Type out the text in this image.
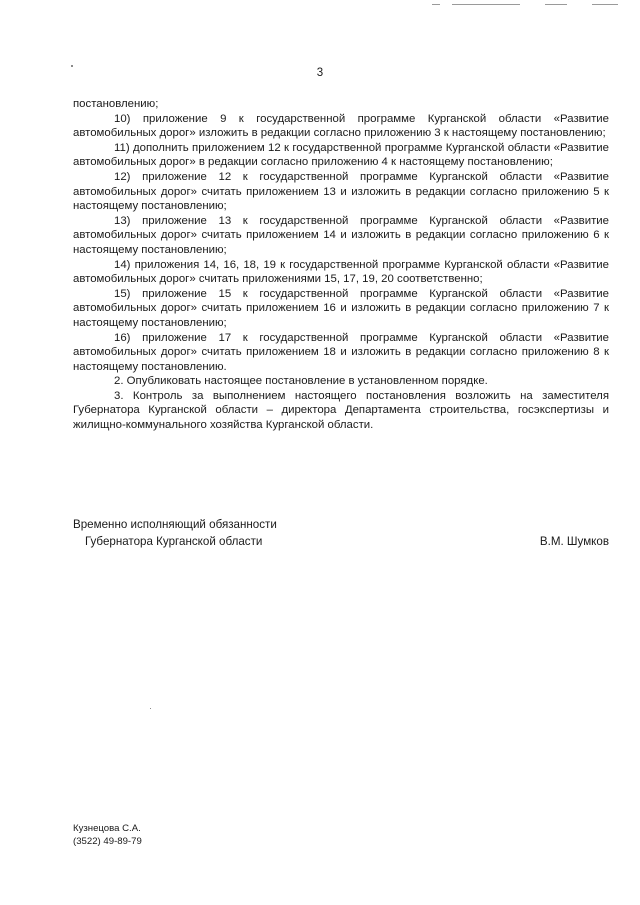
3

постановлению;

10) приложение 9 к государственной программе Курганской области «Развитие автомобильных дорог» изложить в редакции согласно приложению 3 к настоящему постановлению;

11) дополнить приложением 12 к государственной программе Курганской области «Развитие автомобильных дорог» в редакции согласно приложению 4 к настоящему постановлению;

12) приложение 12 к государственной программе Курганской области «Развитие автомобильных дорог» считать приложением 13 и изложить в редакции согласно приложению 5 к настоящему постановлению;

13) приложение 13 к государственной программе Курганской области «Развитие автомобильных дорог» считать приложением 14 и изложить в редакции согласно приложению 6 к настоящему постановлению;

14) приложения 14, 16, 18, 19 к государственной программе Курганской области «Развитие автомобильных дорог» считать приложениями 15, 17, 19, 20 соответственно;

15) приложение 15 к государственной программе Курганской области «Развитие автомобильных дорог» считать приложением 16 и изложить в редакции согласно приложению 7 к настоящему постановлению;

16) приложение 17 к государственной программе Курганской области «Развитие автомобильных дорог» считать приложением 18 и изложить в редакции согласно приложению 8 к настоящему постановлению.

2. Опубликовать настоящее постановление в установленном порядке.

3. Контроль за выполнением настоящего постановления возложить на заместителя Губернатора Курганской области – директора Департамента строительства, госэкспертизы и жилищно-коммунального хозяйства Курганской области.

Временно исполняющий обязанности
Губернатора Курганской области	В.М. Шумков
Кузнецова С.А.
(3522) 49-89-79
